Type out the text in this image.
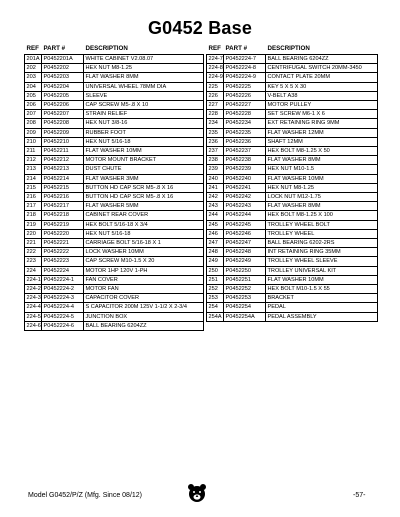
G0452 Base
REF	PART #	DESCRIPTION
201A	P0452201A	WHITE CABINET V2.08.07
202	P0452202	HEX NUT M8-1.25
203	P0452203	FLAT WASHER 8MM
204	P0452204	UNIVERSAL WHEEL 78MM DIA
205	P0452205	SLEEVE
206	P0452206	CAP SCREW M5-.8 X 10
207	P0452207	STRAIN RELIEF
208	P0452208	HEX NUT 3/8-16
209	P0452209	RUBBER FOOT
210	P0452210	HEX NUT 5/16-18
211	P0452211	FLAT WASHER 10MM
212	P0452212	MOTOR MOUNT BRACKET
213	P0452213	DUST CHUTE
214	P0452214	FLAT WASHER 3MM
215	P0452215	BUTTON HD CAP SCR M5-.8 X 16
216	P0452216	BUTTON HD CAP SCR M5-.8 X 16
217	P0452217	FLAT WASHER 5MM
218	P0452218	CABINET REAR COVER
219	P0452219	HEX BOLT 5/16-18 X 3/4
220	P0452220	HEX NUT 5/16-18
221	P0452221	CARRIAGE BOLT 5/16-18 X 1
222	P0452222	LOCK WASHER 10MM
223	P0452223	CAP SCREW M10-1.5 X 20
224	P0452224	MOTOR 1HP 120V 1-PH
224-1	P0452224-1	FAN COVER
224-2	P0452224-2	MOTOR FAN
224-3	P0452224-3	CAPACITOR COVER
224-4	P0452224-4	S CAPACITOR 200M 125V 1-1/2 X 2-3/4
224-5	P0452224-5	JUNCTION BOX
224-6	P0452224-6	BALL BEARING 6204ZZ
REF	PART #	DESCRIPTION
224-7	P0452224-7	BALL BEARING 6204ZZ
224-8	P0452224-8	CENTRIFUGAL SWITCH 20MM-3450
224-9	P0452224-9	CONTACT PLATE 20MM
225	P0452225	KEY 5 X 5 X 30
226	P0452226	V-BELT A38
227	P0452227	MOTOR PULLEY
228	P0452228	SET SCREW M6-1 X 6
234	P0452234	EXT RETAINING RING 9MM
235	P0452235	FLAT WASHER 12MM
236	P0452236	SHAFT 12MM
237	P0452237	HEX BOLT M8-1.25 X 50
238	P0452238	FLAT WASHER 8MM
239	P0452239	HEX NUT M10-1.5
240	P0452240	FLAT WASHER 10MM
241	P0452241	HEX NUT M8-1.25
242	P0452242	LOCK NUT M12-1.75
243	P0452243	FLAT WASHER 8MM
244	P0452244	HEX BOLT M8-1.25 X 100
245	P0452245	TROLLEY WHEEL BOLT
246	P0452246	TROLLEY WHEEL
247	P0452247	BALL BEARING 6202-2RS
248	P0452248	INT RETAINING RING 35MM
249	P0452249	TROLLEY WHEEL SLEEVE
250	P0452250	TROLLEY UNIVERSAL KIT
251	P0452251	FLAT WASHER 10MM
252	P0452252	HEX BOLT M10-1.5 X 55
253	P0452253	BRACKET
254	P0452254	PEDAL
254A	P0452254A	PEDAL ASSEMBLY
Model G0452/P/Z (Mfg. Since 08/12)	-57-
